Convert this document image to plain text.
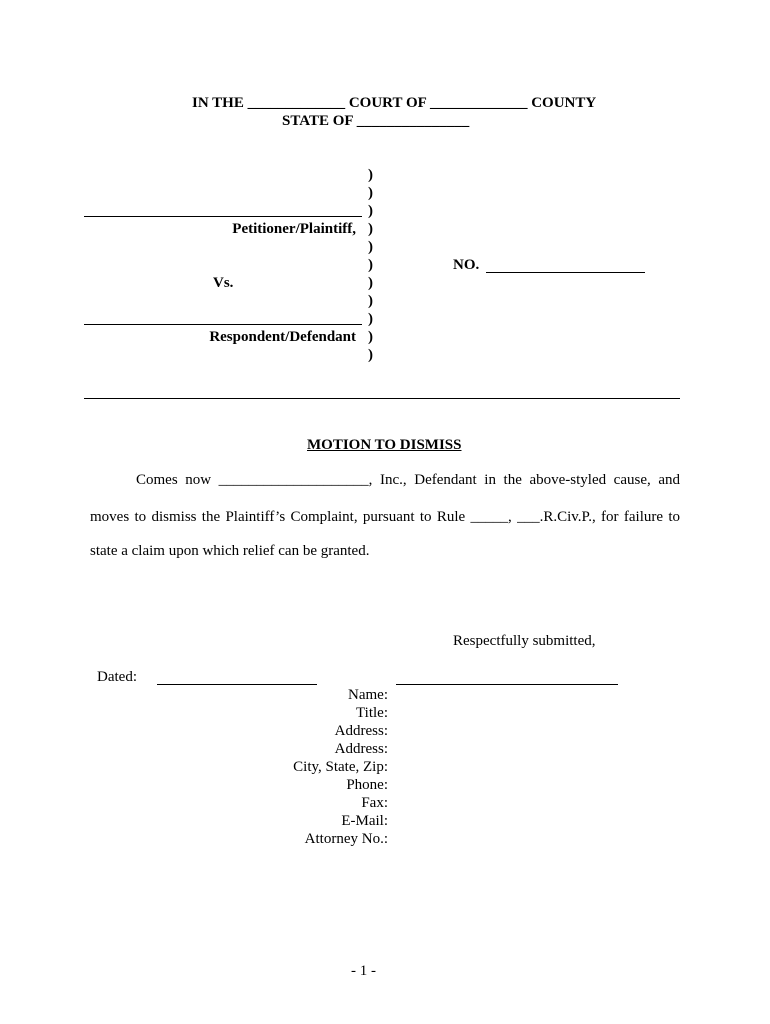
IN THE _____________ COURT OF _____________ COUNTY
STATE OF _______________
)
)
)
)
)
)
)
)
)
)
)
Petitioner/Plaintiff,
Vs.
Respondent/Defendant
NO.
MOTION TO DISMISS
Comes now ____________________, Inc., Defendant in the above-styled cause, and
moves to dismiss the Plaintiff’s Complaint, pursuant to Rule _____, ___.R.Civ.P., for failure to
state a claim upon which relief can be granted.
Respectfully submitted,
Dated:
Name:
Title:
Address:
Address:
City, State, Zip:
Phone:
Fax:
E-Mail:
Attorney No.:
- 1 -
